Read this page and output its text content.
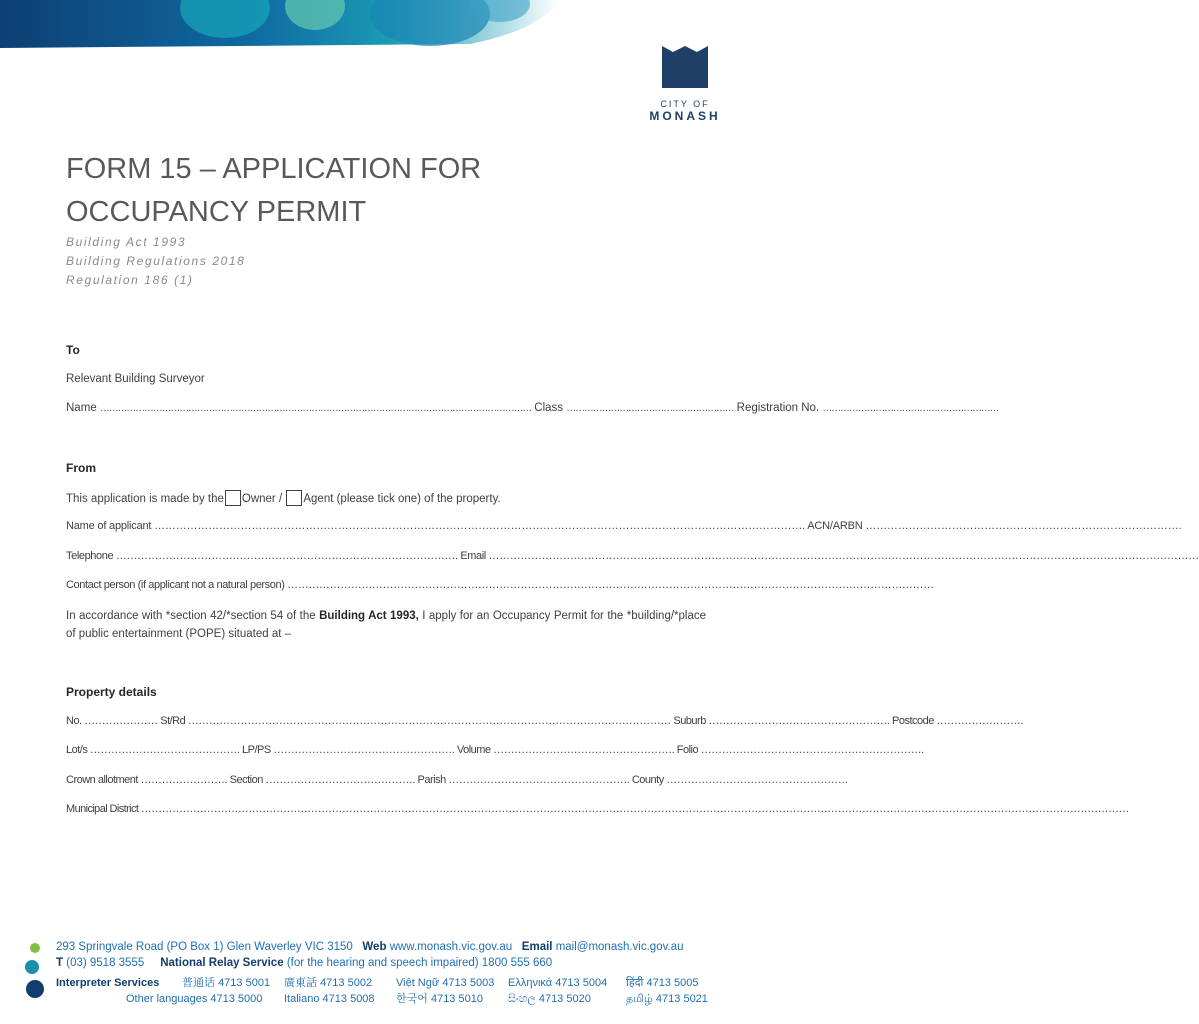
CITY OF
MONASH
FORM 15 – APPLICATION FOR OCCUPANCY PERMIT
Building Act 1993
Building Regulations 2018
Regulation 186 (1)
To
Relevant Building Surveyor
Name ………………………………………………………………………………………………………………………………… Class ………………………………………………… Registration No. ……………………………………………………
From
This application is made by the Owner / Agent (please tick one) of the property.
Name of applicant ………………………………………………………………………………………………………………………………………………………………. ACN/ARBN …………………………………………………………………………….
Telephone ……………………………………………………………………………………. Email …………………………………………………………………………………………………………………………………………………………………………………
Contact person (if applicant not a natural person) …………………………………………………………………………………………………………………………………………………………………
In accordance with *section 42/*section 54 of the Building Act 1993, I apply for an Occupancy Permit for the *building/*place of public entertainment (POPE) situated at –
Property details
No. ………………… St/Rd ………………………………………………………………………………………………………………………… Suburb ……………………………………………. Postcode …………………….
Lot/s ……………………………………. LP/PS ……………………………………………. Volume ……………………………………………. Folio ……………………………………………………….
Crown allotment ……………………. Section ……………………………………. Parish ……………………………………………. County …………………………………………….
Municipal District ……………………………………………………………………………………………………………………………………………………………………………………………………………………………………………………………
293 Springvale Road (PO Box 1) Glen Waverley VIC 3150 Web www.monash.vic.gov.au Email mail@monash.vic.gov.au
T (03) 9518 3555 National Relay Service (for the hearing and speech impaired) 1800 555 660
Interpreter Services 普通话 4713 5001 廣東話 4713 5002 Việt Ngữ 4713 5003 Ελληνικά 4713 5004 हिंदी 4713 5005
Other languages 4713 5000 Italiano 4713 5008 한국어 4713 5010 සිංහල 4713 5020	தமிழ் 4713 5021
